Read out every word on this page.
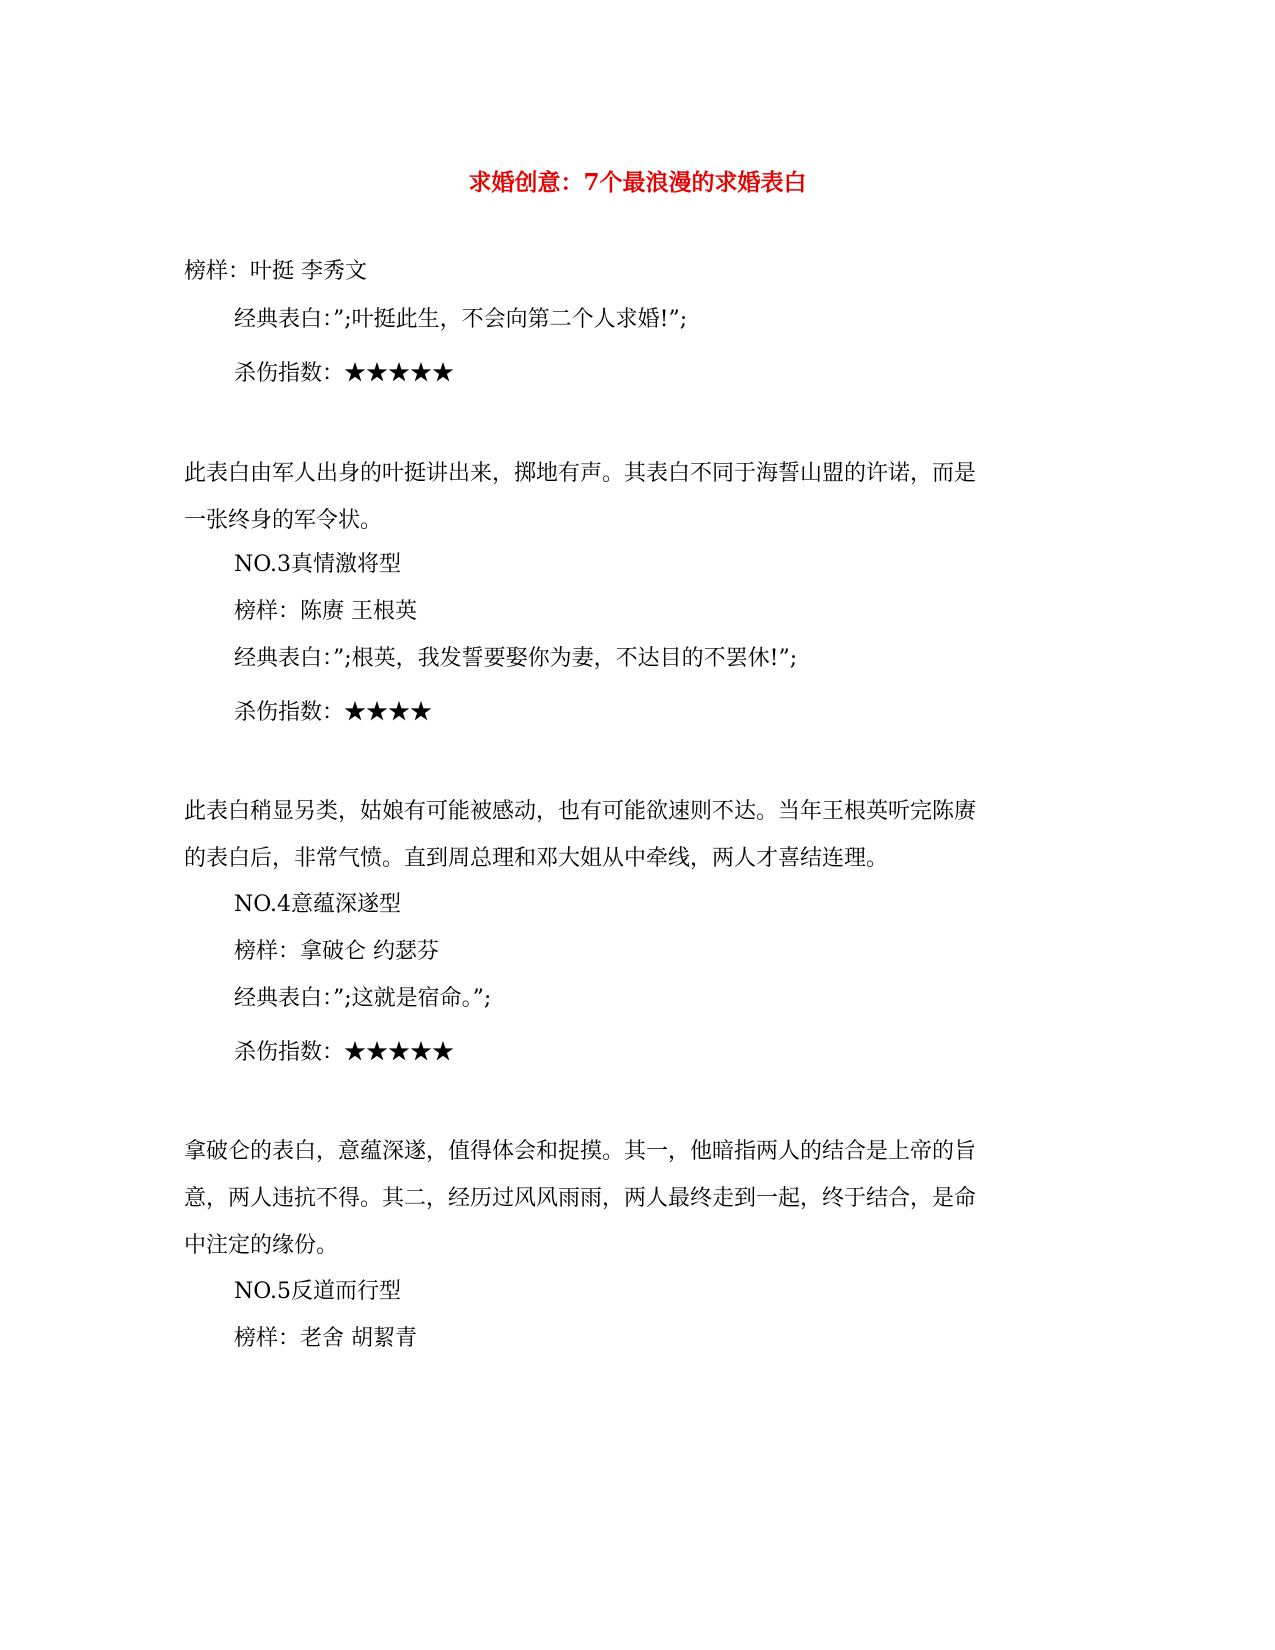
求婚创意：7个最浪漫的求婚表白
榜样：叶挺 李秀文
经典表白：”;叶挺此生，不会向第二个人求婚!”;
杀伤指数：★★★★★
此表白由军人出身的叶挺讲出来，掷地有声。其表白不同于海誓山盟的许诺，而是
一张终身的军令状。
NO.3真情激将型
榜样：陈赓 王根英
经典表白：”;根英，我发誓要娶你为妻，不达目的不罢休!”;
杀伤指数：★★★★
此表白稍显另类，姑娘有可能被感动，也有可能欲速则不达。当年王根英听完陈赓
的表白后，非常气愤。直到周总理和邓大姐从中牵线，两人才喜结连理。
NO.4意蕴深遂型
榜样：拿破仑 约瑟芬
经典表白：”;这就是宿命。”;
杀伤指数：★★★★★
拿破仑的表白，意蕴深遂，值得体会和捉摸。其一，他暗指两人的结合是上帝的旨
意，两人违抗不得。其二，经历过风风雨雨，两人最终走到一起，终于结合，是命
中注定的缘份。
NO.5反道而行型
榜样：老舍 胡絜青
